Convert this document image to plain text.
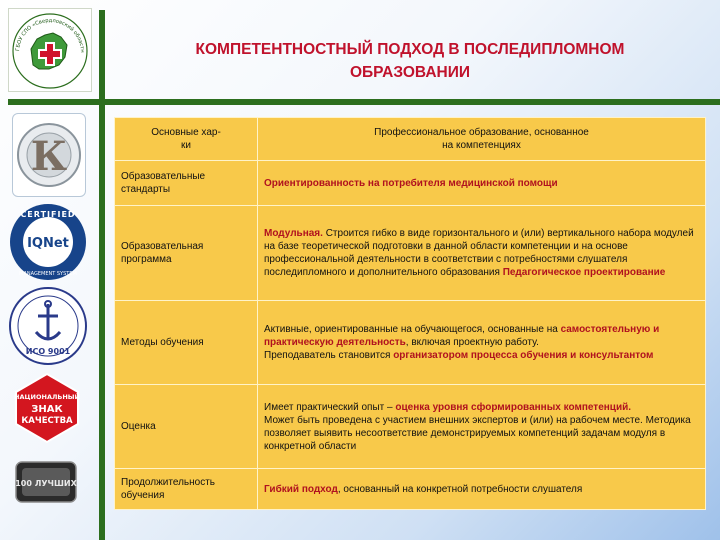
ГБОУ СПО «Свердловский областн	КОМПЕТЕНТНОСТНЫЙ ПОДХОД В ПОСЛЕДИПЛОМНОМ ОБРАЗОВАНИИ
К
CERTIFIED
IQNet
MANAGEMENT SYSTEM
ИСО 9001
НАЦИОНАЛЬНЫЙ
ЗНАК
КАЧЕСТВА
100 ЛУЧШИХ
Основные хар-ки	Профессиональное образование, основанное на компетенциях
Образовательные стандарты	Ориентированность на потребителя медицинской помощи
Образовательная программа	Модульная. Строится гибко в виде горизонтального и (или) вертикального набора модулей на базе теоретической подготовки в данной области компетенции и на основе профессиональной деятельности в соответствии с потребностями слушателя последипломного и дополнительного образования Педагогическое проектирование
Методы обучения	Активные, ориентированные на обучающегося, основанные на самостоятельную и практическую деятельность, включая проектную работу.
Преподаватель становится организатором процесса обучения и консультантом
Оценка	Имеет практический опыт – оценка уровня сформированных компетенций.
Может быть проведена с участием внешних экспертов и (или) на рабочем месте. Методика позволяет выявить несоответствие демонстрируемых компетенций задачам модуля в конкретной области
Продолжительность обучения	Гибкий подход, основанный на конкретной потребности слушателя
